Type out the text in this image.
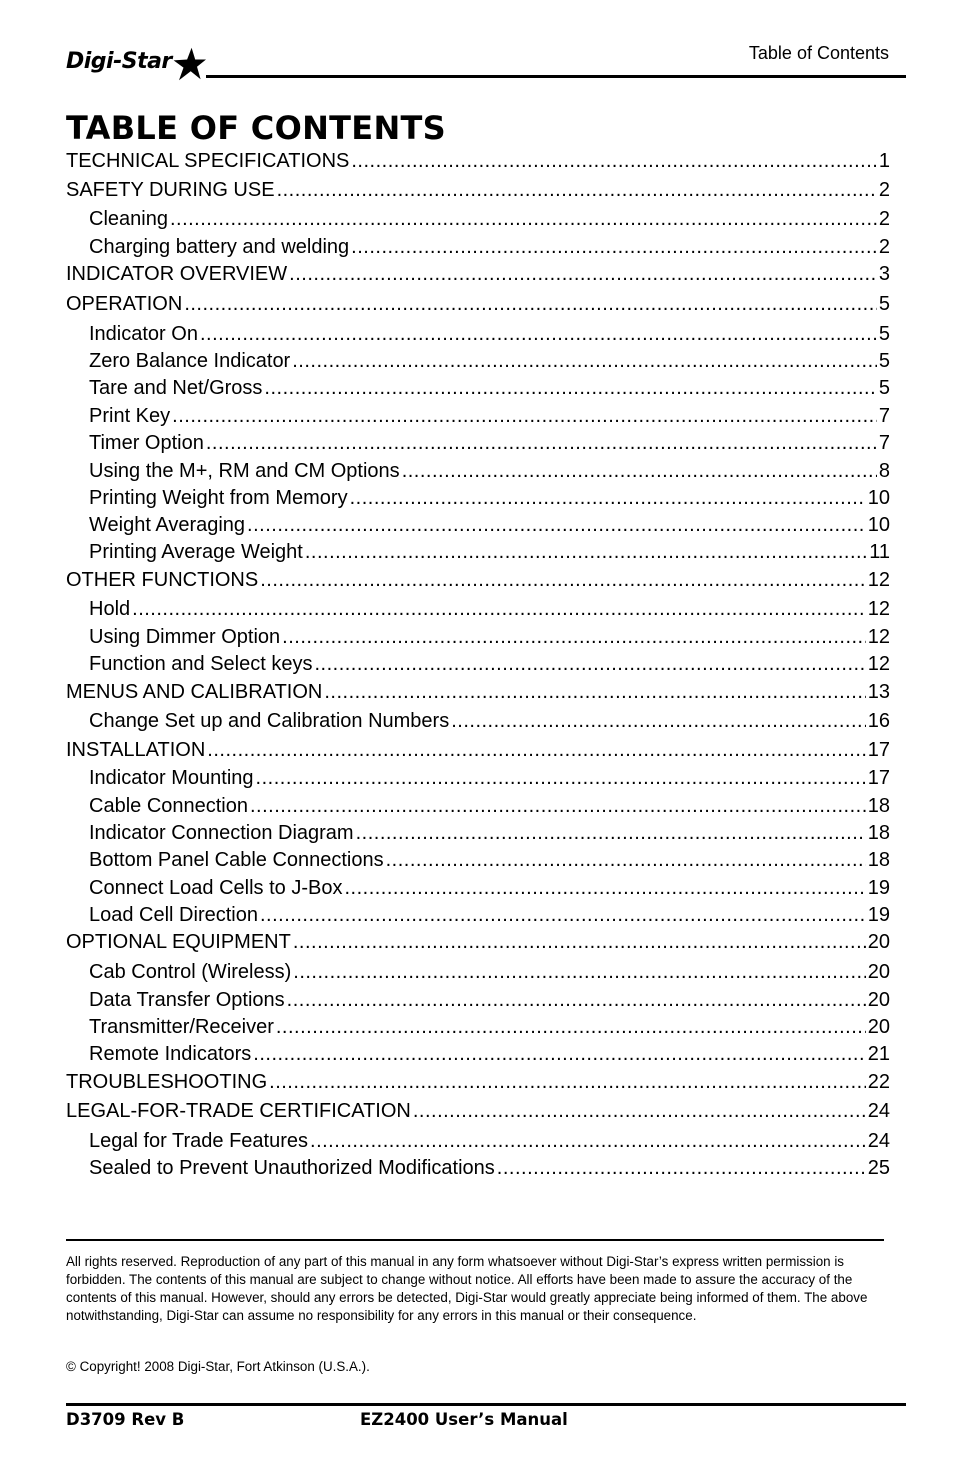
Digi-Star	Table of Contents
TABLE OF CONTENTS
TECHNICAL SPECIFICATIONS .....	1
SAFETY DURING USE .....	2
Cleaning .....	2
Charging battery and welding .....	2
INDICATOR OVERVIEW .....	3
OPERATION .....	5
Indicator On .....	5
Zero Balance Indicator .....	5
Tare and Net/Gross .....	5
Print Key .....	7
Timer Option .....	7
Using the M+, RM and CM Options .....	8
Printing Weight from Memory .....	10
Weight Averaging .....	10
Printing Average Weight .....	11
OTHER FUNCTIONS .....	12
Hold .....	12
Using Dimmer Option .....	12
Function and Select keys .....	12
MENUS AND CALIBRATION .....	13
Change Set up and Calibration Numbers .....	16
INSTALLATION .....	17
Indicator Mounting .....	17
Cable Connection .....	18
Indicator Connection Diagram .....	18
Bottom Panel Cable Connections .....	18
Connect Load Cells to J-Box .....	19
Load Cell Direction .....	19
OPTIONAL EQUIPMENT .....	20
Cab Control (Wireless) .....	20
Data Transfer Options .....	20
Transmitter/Receiver .....	20
Remote Indicators .....	21
TROUBLESHOOTING .....	22
LEGAL-FOR-TRADE CERTIFICATION .....	24
Legal for Trade Features .....	24
Sealed to Prevent Unauthorized Modifications .....	25

All rights reserved. Reproduction of any part of this manual in any form whatsoever without Digi-Star’s express written permission is forbidden. The contents of this manual are subject to change without notice. All efforts have been made to assure the accuracy of the contents of this manual. However, should any errors be detected, Digi-Star would greatly appreciate being informed of them. The above notwithstanding, Digi-Star can assume no responsibility for any errors in this manual or their consequence.

© Copyright! 2008 Digi-Star, Fort Atkinson (U.S.A.).

D3709 Rev B	EZ2400 User’s Manual
